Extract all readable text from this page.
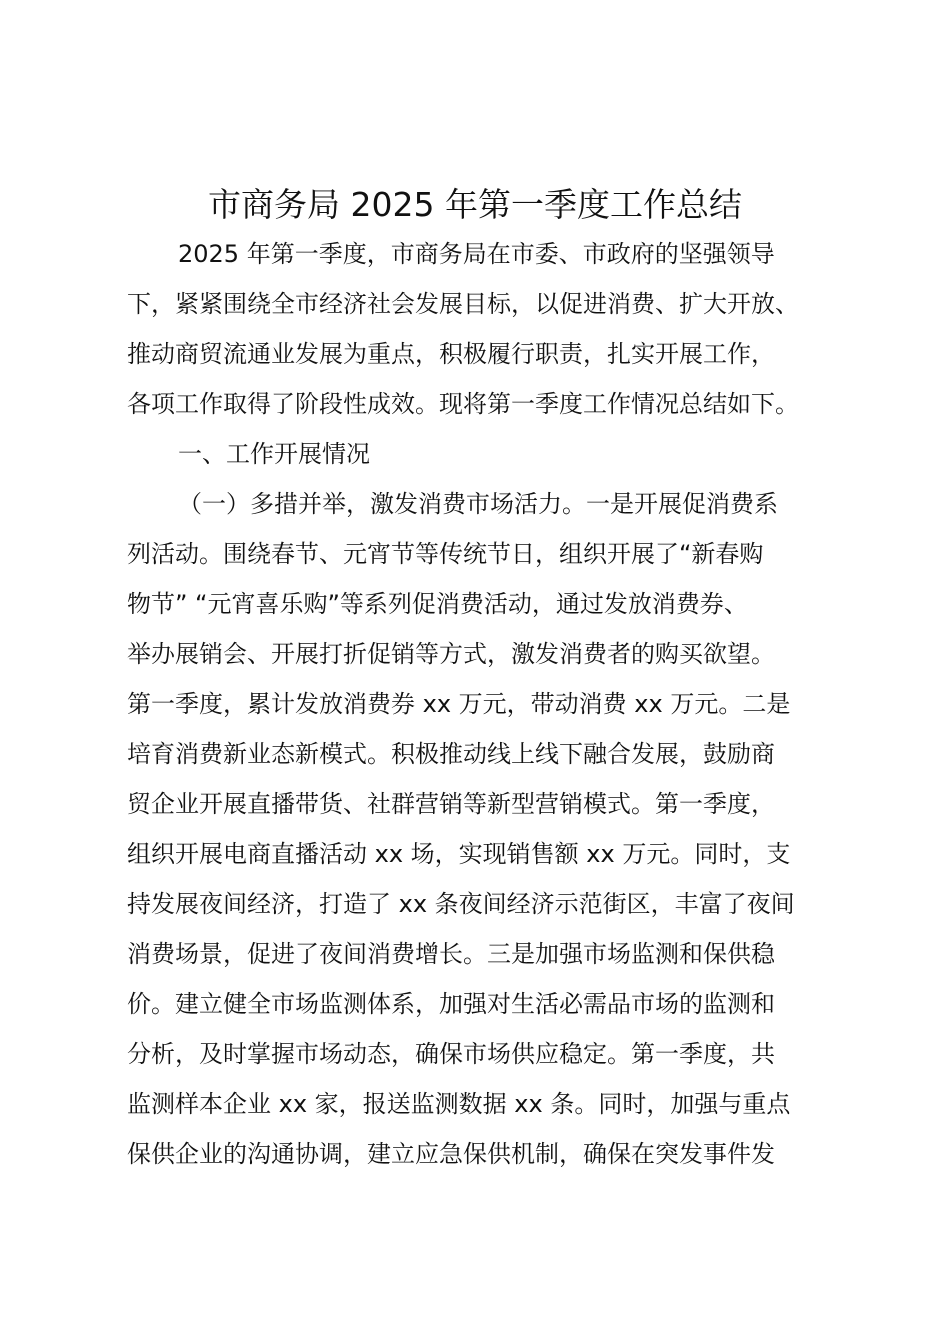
市商务局 2025 年第一季度工作总结
2025 年第一季度，市商务局在市委、市政府的坚强领导
下，紧紧围绕全市经济社会发展目标，以促进消费、扩大开放、
推动商贸流通业发展为重点，积极履行职责，扎实开展工作，
各项工作取得了阶段性成效。现将第一季度工作情况总结如下。
一、工作开展情况
（一）多措并举，激发消费市场活力。一是开展促消费系
列活动。围绕春节、元宵节等传统节日，组织开展了“新春购
物节” “元宵喜乐购”等系列促消费活动，通过发放消费券、
举办展销会、开展打折促销等方式，激发消费者的购买欲望。
第一季度，累计发放消费券 xx 万元，带动消费 xx 万元。二是
培育消费新业态新模式。积极推动线上线下融合发展，鼓励商
贸企业开展直播带货、社群营销等新型营销模式。第一季度，
组织开展电商直播活动 xx 场，实现销售额 xx 万元。同时，支
持发展夜间经济，打造了 xx 条夜间经济示范街区，丰富了夜间
消费场景，促进了夜间消费增长。三是加强市场监测和保供稳
价。建立健全市场监测体系，加强对生活必需品市场的监测和
分析，及时掌握市场动态，确保市场供应稳定。第一季度，共
监测样本企业 xx 家，报送监测数据 xx 条。同时，加强与重点
保供企业的沟通协调，建立应急保供机制，确保在突发事件发
